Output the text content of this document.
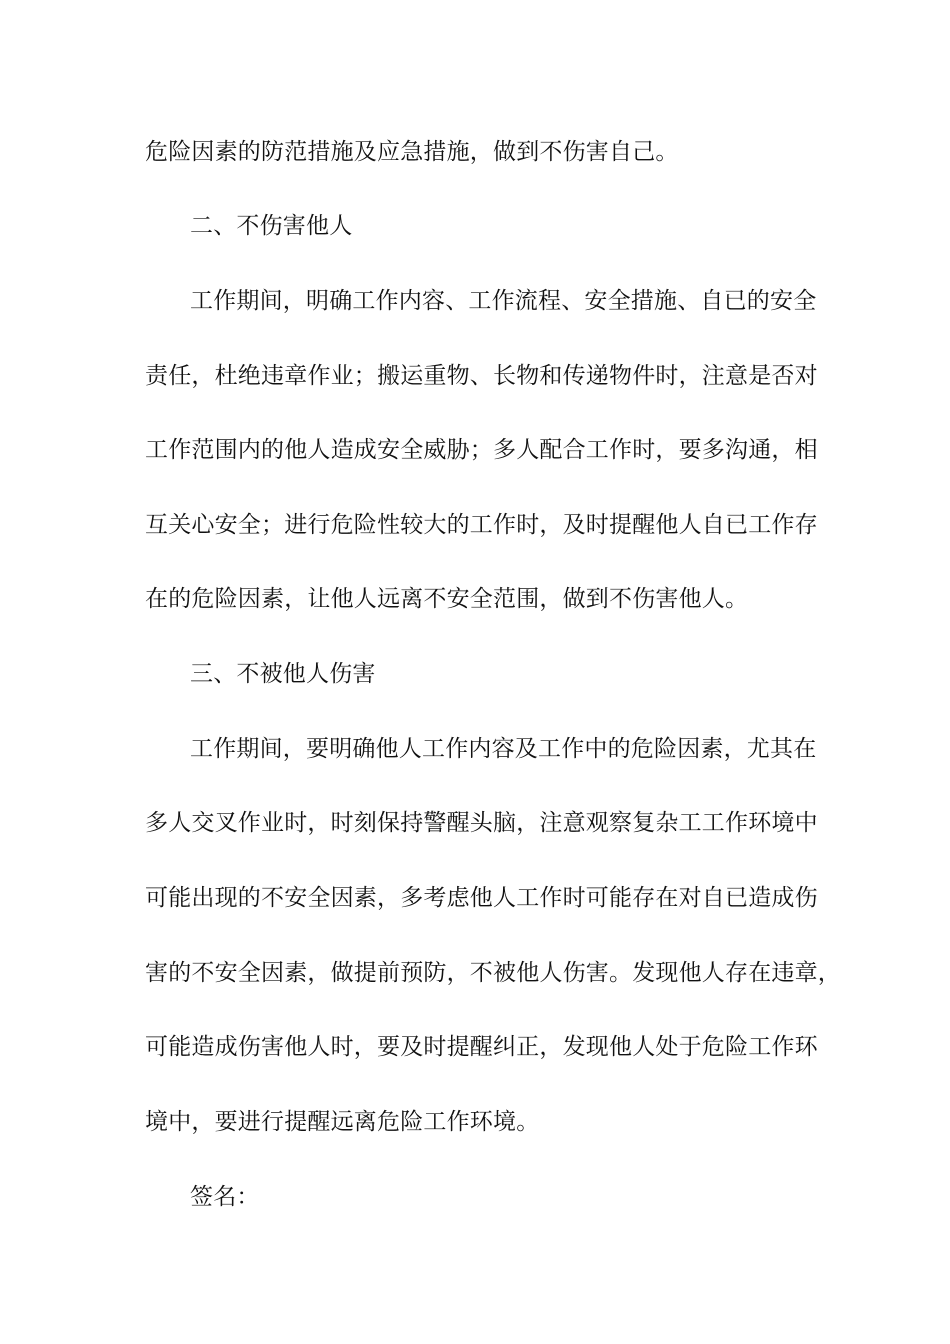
危险因素的防范措施及应急措施，做到不伤害自己。
二、不伤害他人
工作期间，明确工作内容、工作流程、安全措施、自已的安全
责任，杜绝违章作业；搬运重物、长物和传递物件时，注意是否对
工作范围内的他人造成安全威胁；多人配合工作时，要多沟通，相
互关心安全；进行危险性较大的工作时，及时提醒他人自已工作存
在的危险因素，让他人远离不安全范围，做到不伤害他人。
三、不被他人伤害
工作期间，要明确他人工作内容及工作中的危险因素，尤其在
多人交叉作业时，时刻保持警醒头脑，注意观察复杂工工作环境中
可能出现的不安全因素，多考虑他人工作时可能存在对自已造成伤
害的不安全因素，做提前预防，不被他人伤害。发现他人存在违章，
可能造成伤害他人时，要及时提醒纠正，发现他人处于危险工作环
境中，要进行提醒远离危险工作环境。
签名：
